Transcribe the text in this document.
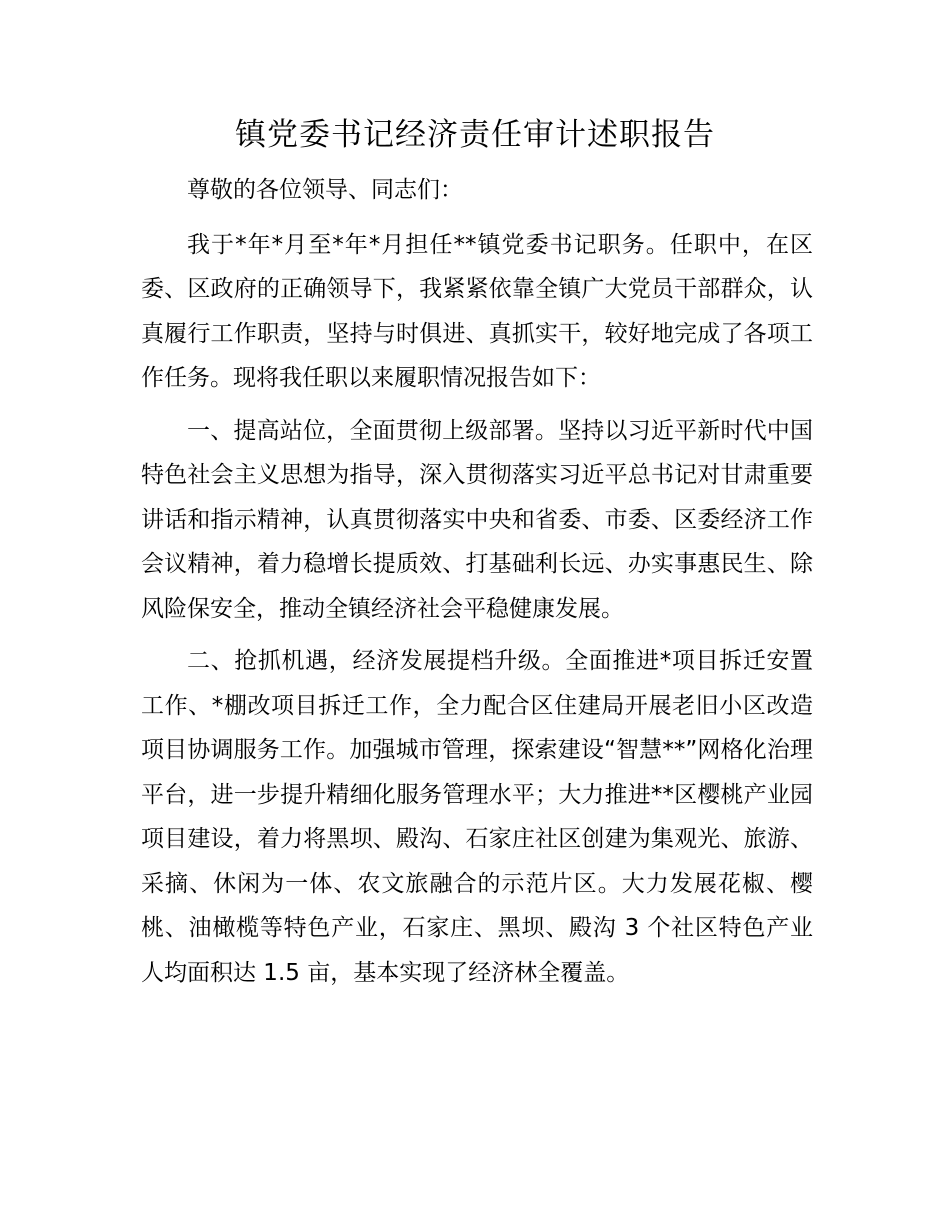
镇党委书记经济责任审计述职报告

尊敬的各位领导、同志们：

我于*年*月至*年*月担任**镇党委书记职务。任职中，在区委、区政府的正确领导下，我紧紧依靠全镇广大党员干部群众，认真履行工作职责，坚持与时俱进、真抓实干，较好地完成了各项工作任务。现将我任职以来履职情况报告如下：

一、提高站位，全面贯彻上级部署。坚持以习近平新时代中国特色社会主义思想为指导，深入贯彻落实习近平总书记对甘肃重要讲话和指示精神，认真贯彻落实中央和省委、市委、区委经济工作会议精神，着力稳增长提质效、打基础利长远、办实事惠民生、除风险保安全，推动全镇经济社会平稳健康发展。

二、抢抓机遇，经济发展提档升级。全面推进*项目拆迁安置工作、*棚改项目拆迁工作，全力配合区住建局开展老旧小区改造项目协调服务工作。加强城市管理，探索建设“智慧**”网格化治理平台，进一步提升精细化服务管理水平；大力推进**区樱桃产业园项目建设，着力将黑坝、殿沟、石家庄社区创建为集观光、旅游、采摘、休闲为一体、农文旅融合的示范片区。大力发展花椒、樱桃、油橄榄等特色产业，石家庄、黑坝、殿沟 3 个社区特色产业人均面积达 1.5 亩，基本实现了经济林全覆盖。
